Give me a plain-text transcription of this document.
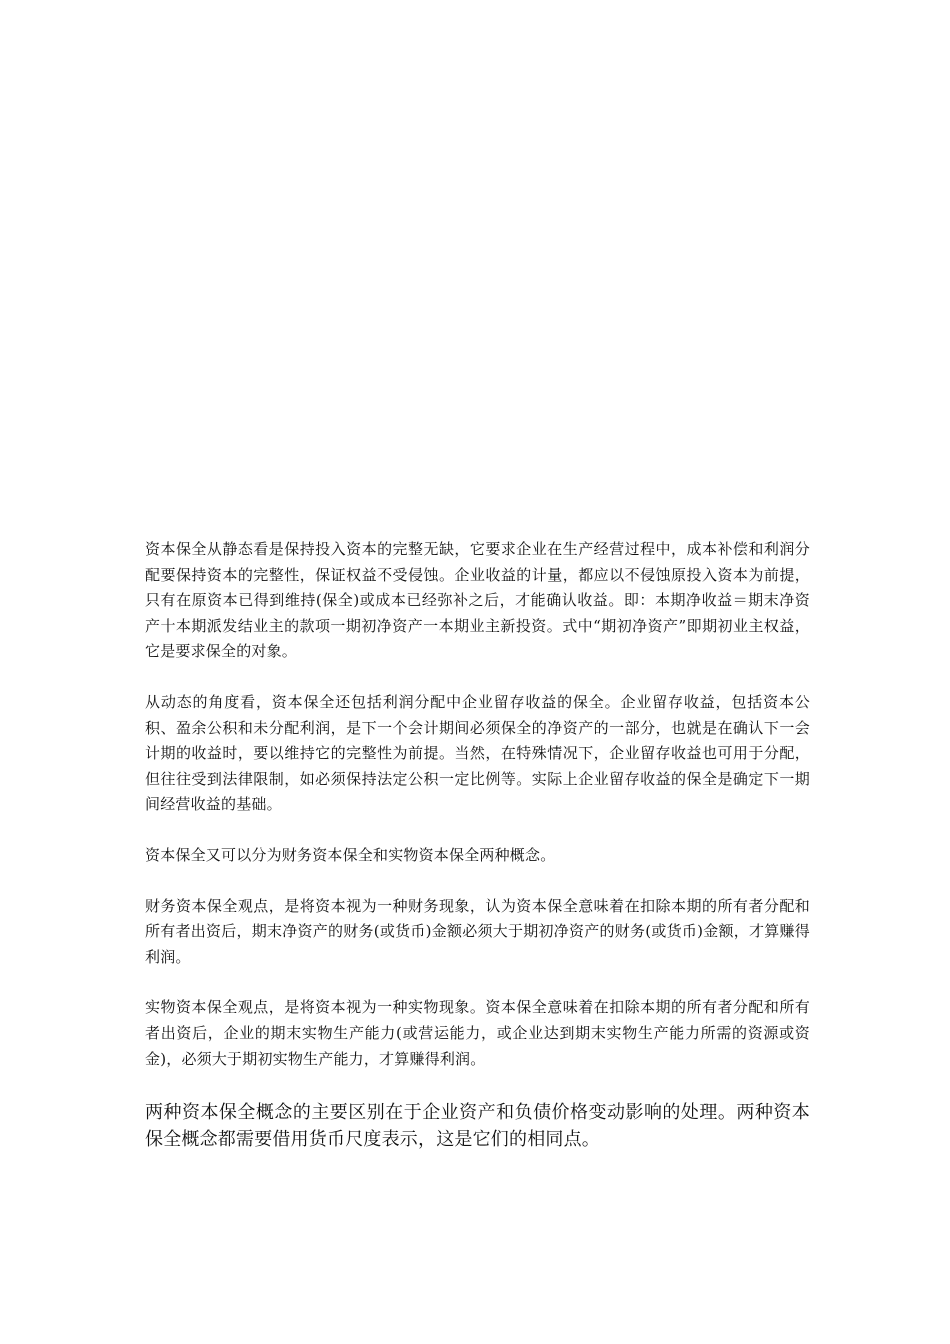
资本保全从静态看是保持投入资本的完整无缺，它要求企业在生产经营过程中，成本补偿和利润分配要保持资本的完整性，保证权益不受侵蚀。企业收益的计量，都应以不侵蚀原投入资本为前提，只有在原资本已得到维持(保全)或成本已经弥补之后，才能确认收益。即：本期净收益＝期末净资产十本期派发结业主的款项一期初净资产一本期业主新投资。式中“期初净资产”即期初业主权益，它是要求保全的对象。

从动态的角度看，资本保全还包括利润分配中企业留存收益的保全。企业留存收益，包括资本公积、盈余公积和未分配利润，是下一个会计期间必须保全的净资产的一部分，也就是在确认下一会计期的收益时，要以维持它的完整性为前提。当然，在特殊情况下，企业留存收益也可用于分配，但往往受到法律限制，如必须保持法定公积一定比例等。实际上企业留存收益的保全是确定下一期间经营收益的基础。

资本保全又可以分为财务资本保全和实物资本保全两种概念。

财务资本保全观点，是将资本视为一种财务现象，认为资本保全意味着在扣除本期的所有者分配和所有者出资后，期末净资产的财务(或货币)金额必须大于期初净资产的财务(或货币)金额，才算赚得利润。

实物资本保全观点，是将资本视为一种实物现象。资本保全意味着在扣除本期的所有者分配和所有者出资后，企业的期末实物生产能力(或营运能力，或企业达到期末实物生产能力所需的资源或资金)，必须大于期初实物生产能力，才算赚得利润。

两种资本保全概念的主要区别在于企业资产和负债价格变动影响的处理。两种资本保全概念都需要借用货币尺度表示，这是它们的相同点。
